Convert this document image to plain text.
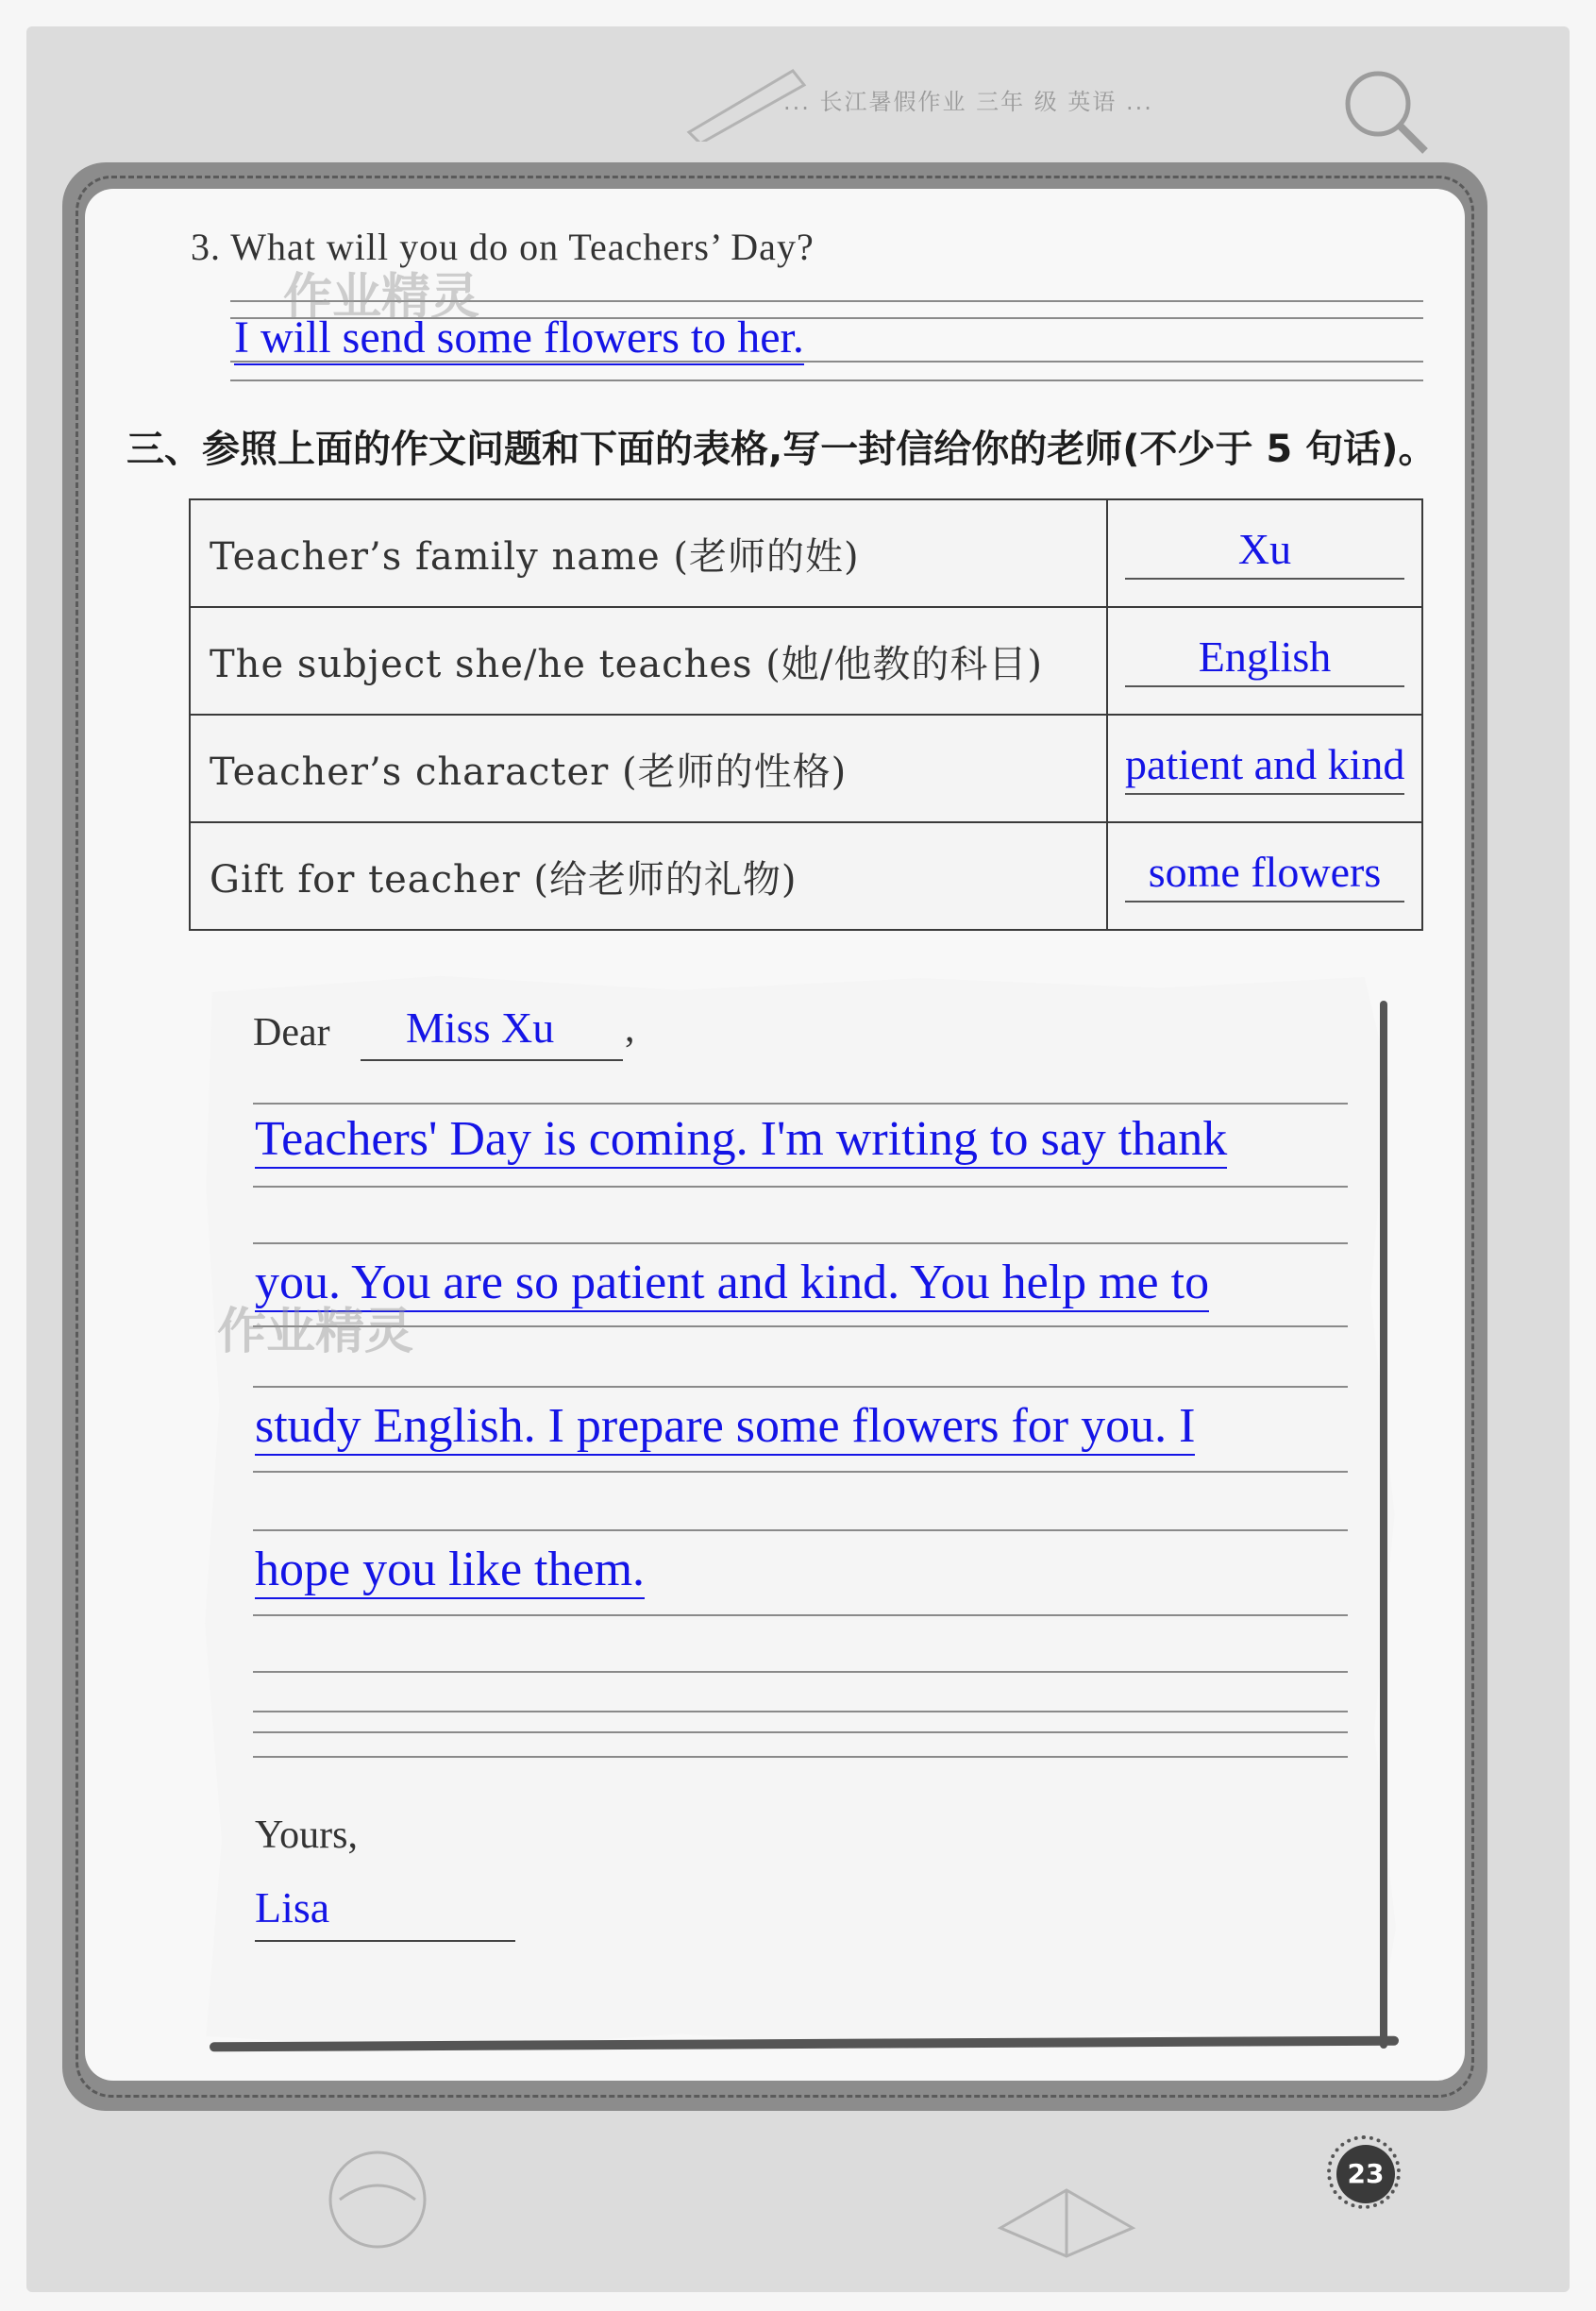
... 长江暑假作业 三年 级 英语 ...
3. What will you do on Teachers’ Day?
I will send some flowers to her.
作业精灵
三、参照上面的作文问题和下面的表格,写一封信给你的老师(不少于 5 句话)。
Teacher’s family name (老师的姓)	Xu

The subject she/he teaches (她/他教的科目)	English

Teacher’s character (老师的性格)	patient and kind

Gift for teacher (给老师的礼物)	some flowers
Dear Miss Xu ,
Teachers' Day is coming. I'm writing to say thank
you. You are so patient and kind. You help me to
study English. I prepare some flowers for you. I
hope you like them.
作业精灵
Yours,
Lisa
23
